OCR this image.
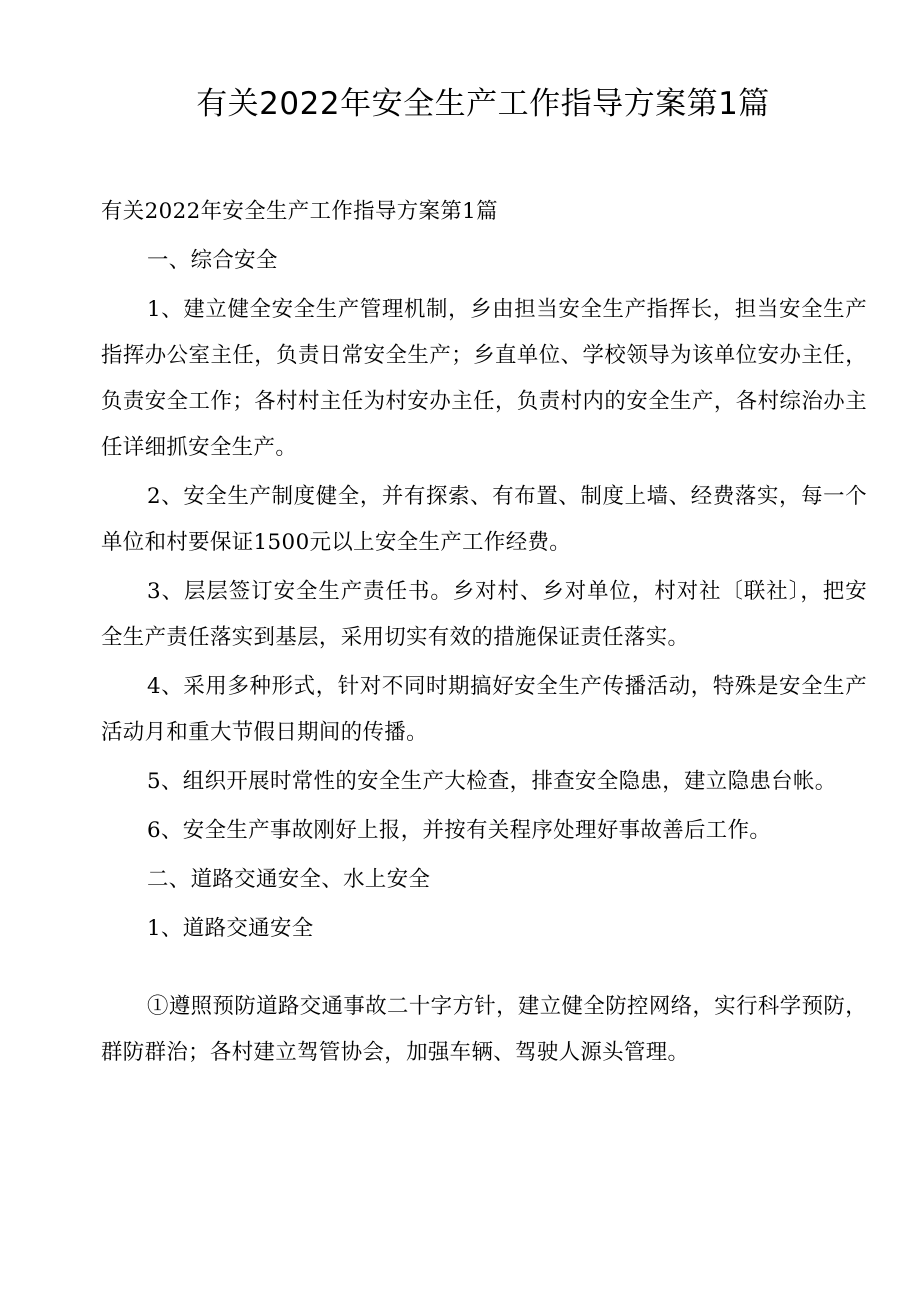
有关2022年安全生产工作指导方案第1篇

有关2022年安全生产工作指导方案第1篇

一、综合安全

1、建立健全安全生产管理机制，乡由担当安全生产指挥长，担当安全生产指挥办公室主任，负责日常安全生产；乡直单位、学校领导为该单位安办主任，负责安全工作；各村村主任为村安办主任，负责村内的安全生产，各村综治办主任详细抓安全生产。

2、安全生产制度健全，并有探索、有布置、制度上墙、经费落实，每一个单位和村要保证1500元以上安全生产工作经费。

3、层层签订安全生产责任书。乡对村、乡对单位，村对社〔联社〕，把安全生产责任落实到基层，采用切实有效的措施保证责任落实。

4、采用多种形式，针对不同时期搞好安全生产传播活动，特殊是安全生产活动月和重大节假日期间的传播。

5、组织开展时常性的安全生产大检查，排查安全隐患，建立隐患台帐。

6、安全生产事故刚好上报，并按有关程序处理好事故善后工作。

二、道路交通安全、水上安全

1、道路交通安全

①遵照预防道路交通事故二十字方针，建立健全防控网络，实行科学预防，群防群治；各村建立驾管协会，加强车辆、驾驶人源头管理。
